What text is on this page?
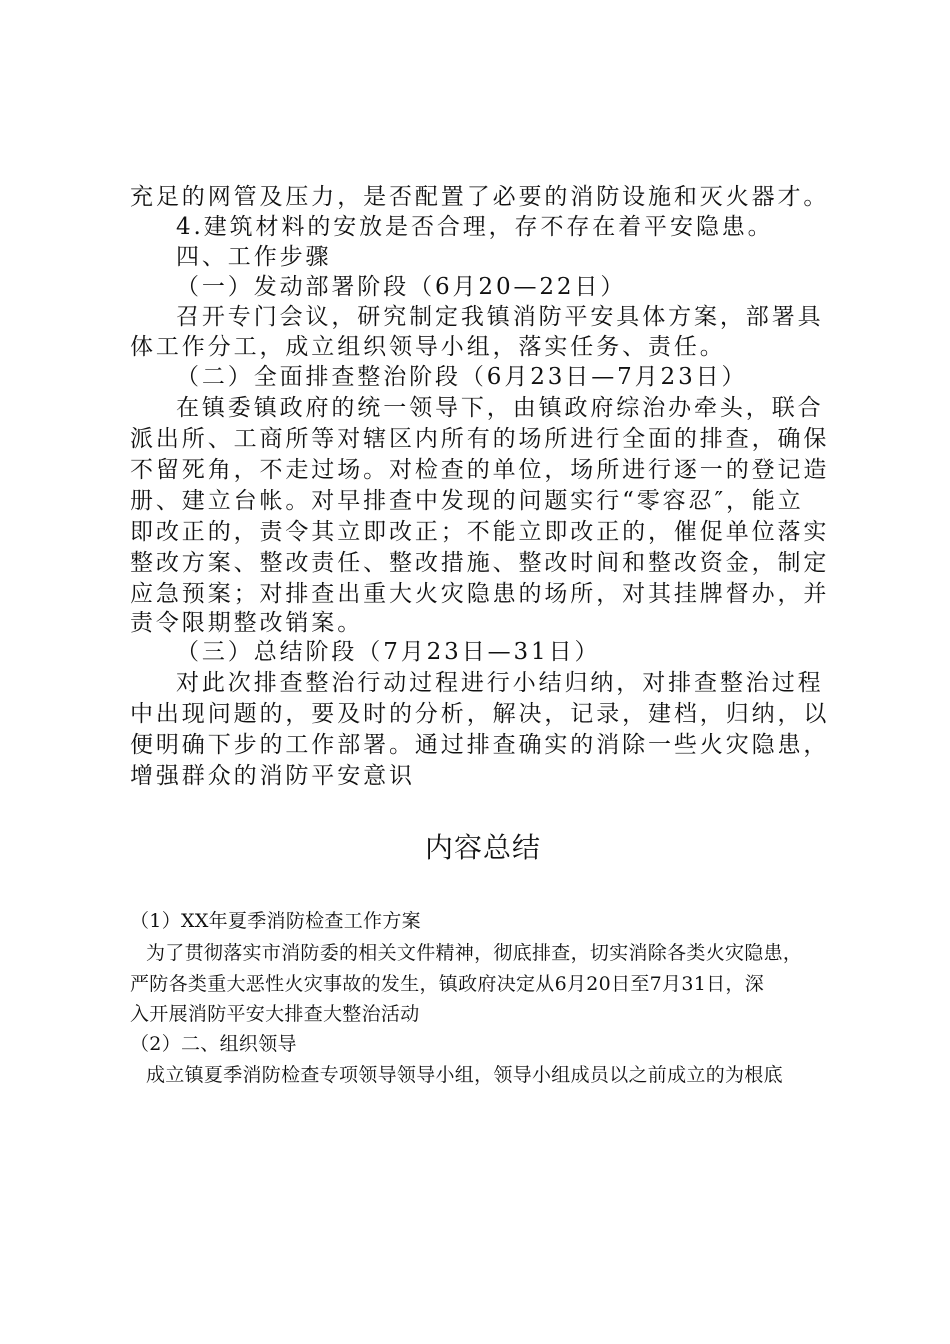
充足的网管及压力，是否配置了必要的消防设施和灭火器才。

4.建筑材料的安放是否合理，存不存在着平安隐患。

四、工作步骤

（一）发动部署阶段（6月20—22日）

召开专门会议，研究制定我镇消防平安具体方案，部署具

体工作分工，成立组织领导小组，落实任务、责任。

（二）全面排查整治阶段（6月23日—7月23日）

在镇委镇政府的统一领导下，由镇政府综治办牵头，联合

派出所、工商所等对辖区内所有的场所进行全面的排查，确保

不留死角，不走过场。对检查的单位，场所进行逐一的登记造

册、建立台帐。对早排查中发现的问题实行“零容忍″，能立

即改正的，责令其立即改正；不能立即改正的，催促单位落实

整改方案、整改责任、整改措施、整改时间和整改资金，制定

应急预案；对排查出重大火灾隐患的场所，对其挂牌督办，并

责令限期整改销案。

（三）总结阶段（7月23日—31日）

对此次排查整治行动过程进行小结归纳，对排查整治过程

中出现问题的，要及时的分析，解决，记录，建档，归纳，以

便明确下步的工作部署。通过排查确实的消除一些火灾隐患，

增强群众的消防平安意识

内容总结

（1）XX年夏季消防检查工作方案

为了贯彻落实市消防委的相关文件精神，彻底排查，切实消除各类火灾隐患，

严防各类重大恶性火灾事故的发生，镇政府决定从6月20日至7月31日，深

入开展消防平安大排查大整治活动

（2）二、组织领导

成立镇夏季消防检查专项领导领导小组，领导小组成员以之前成立的为根底
